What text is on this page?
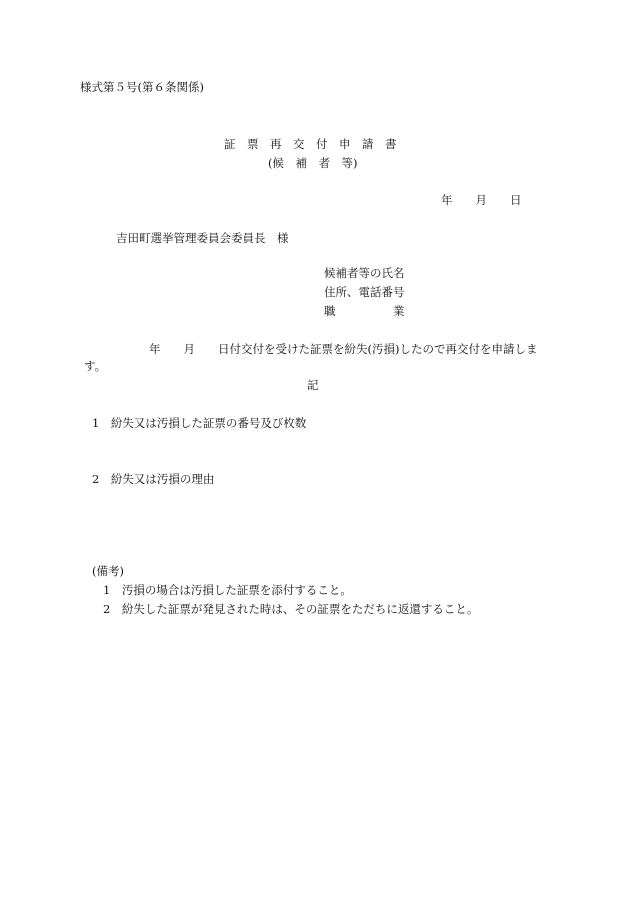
様式第５号(第６条関係)

証　票　再　交　付　申　請　書

(候　補　者　等)

年　　月　　日

吉田町選挙管理委員会委員長　様

候補者等の氏名

住所、電話番号

職　　　　　業

年　　月　　日付交付を受けた証票を紛失(汚損)したので再交付を申請しま

す。

記

1　紛失又は汚損した証票の番号及び枚数

2　紛失又は汚損の理由

(備考)

1　汚損の場合は汚損した証票を添付すること。

2　紛失した証票が発見された時は、その証票をただちに返還すること。
